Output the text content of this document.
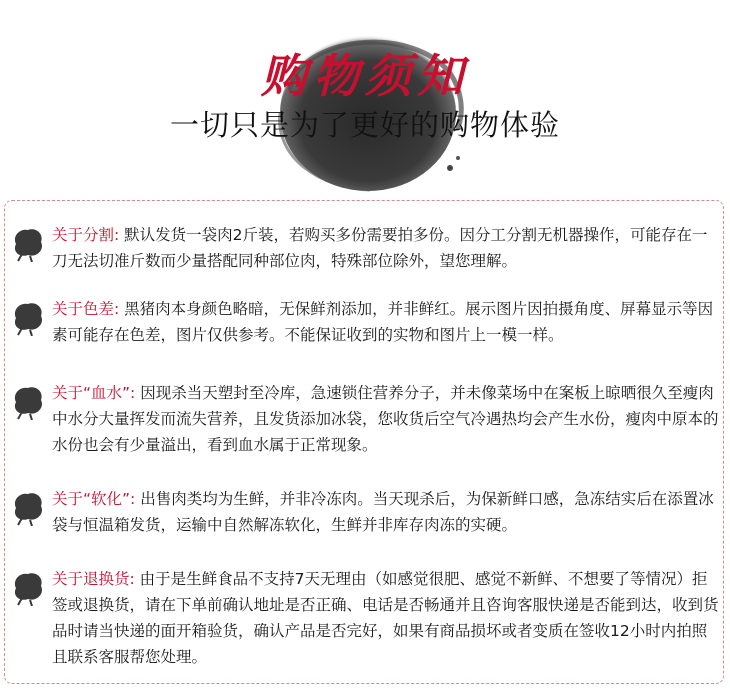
购物须知
一切只是为了更好的购物体验
关于分割: 默认发货一袋肉2斤装，若购买多份需要拍多份。因分工分割无机器操作，可能存在一刀无法切准斤数而少量搭配同种部位肉，特殊部位除外，望您理解。
关于色差: 黑猪肉本身颜色略暗，无保鲜剂添加，并非鲜红。展示图片因拍摄角度、屏幕显示等因素可能存在色差，图片仅供参考。不能保证收到的实物和图片上一模一样。
关于“血水”: 因现杀当天塑封至冷库，急速锁住营养分子，并未像菜场中在案板上晾晒很久至瘦肉中水分大量挥发而流失营养，且发货添加冰袋，您收货后空气冷遇热均会产生水份，瘦肉中原本的水份也会有少量溢出，看到血水属于正常现象。
关于“软化”: 出售肉类均为生鲜，并非冷冻肉。当天现杀后，为保新鲜口感，急冻结实后在添置冰袋与恒温箱发货，运输中自然解冻软化，生鲜并非库存肉冻的实硬。
关于退换货: 由于是生鲜食品不支持7天无理由（如感觉很肥、感觉不新鲜、不想要了等情况）拒签或退换货，请在下单前确认地址是否正确、电话是否畅通并且咨询客服快递是否能到达，收到货品时请当快递的面开箱验货，确认产品是否完好，如果有商品损坏或者变质在签收12小时内拍照且联系客服帮您处理。
